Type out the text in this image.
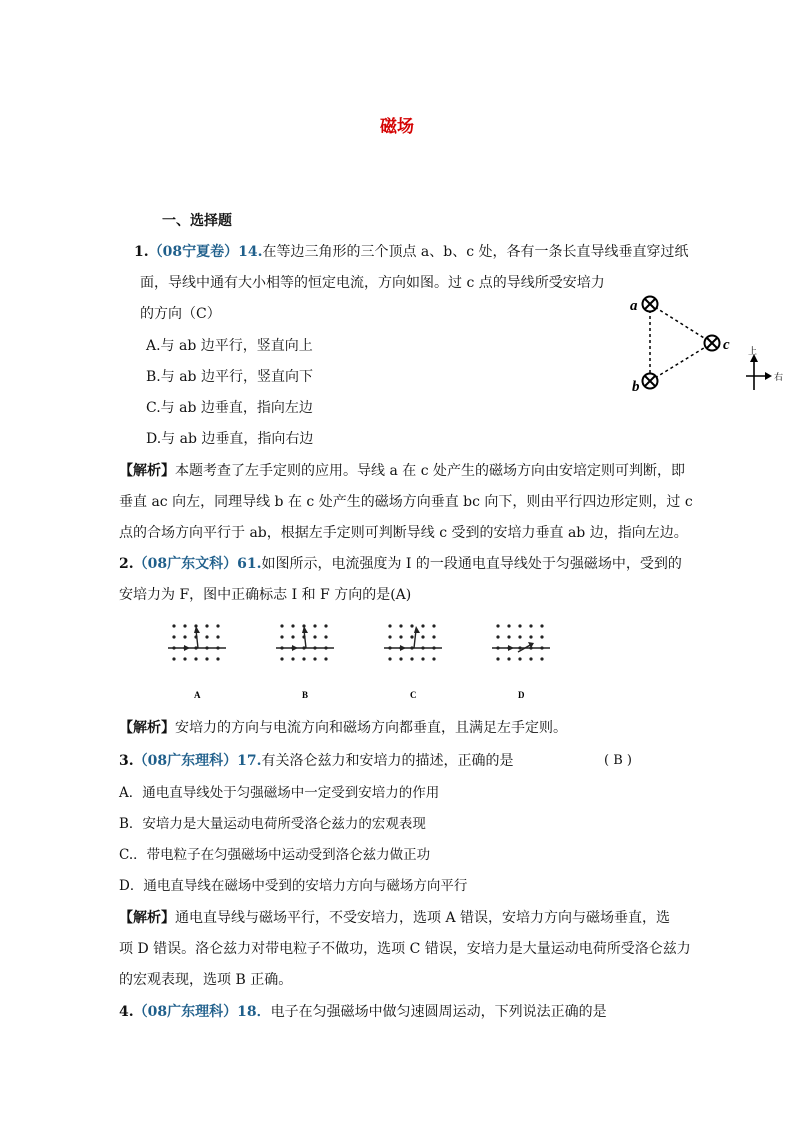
磁场
一、选择题
1.（08宁夏卷）14.在等边三角形的三个顶点 a、b、c 处，各有一条长直导线垂直穿过纸
面，导线中通有大小相等的恒定电流，方向如图。过 c 点的导线所受安培力
的方向（C）
A.与 ab 边平行，竖直向上
B.与 ab 边平行，竖直向下
C.与 ab 边垂直，指向左边
D.与 ab 边垂直，指向右边
a
b
c 上
右
【解析】本题考查了左手定则的应用。导线 a 在 c 处产生的磁场方向由安培定则可判断，即
垂直 ac 向左，同理导线 b 在 c 处产生的磁场方向垂直 bc 向下，则由平行四边形定则，过 c
点的合场方向平行于 ab，根据左手定则可判断导线 c 受到的安培力垂直 ab 边，指向左边。
2.（08广东文科）61.如图所示，电流强度为 I 的一段通电直导线处于匀强磁场中，受到的
安培力为 F，图中正确标志 I 和 F 方向的是(A)
A	B	C	D
【解析】安培力的方向与电流方向和磁场方向都垂直，且满足左手定则。
3.（08广东理科）17.有关洛仑兹力和安培力的描述，正确的是	( B )
A．通电直导线处于匀强磁场中一定受到安培力的作用
B．安培力是大量运动电荷所受洛仑兹力的宏观表现
C.．带电粒子在匀强磁场中运动受到洛仑兹力做正功
D．通电直导线在磁场中受到的安培力方向与磁场方向平行
【解析】通电直导线与磁场平行，不受安培力，选项 A 错误，安培力方向与磁场垂直，选
项 D 错误。洛仑兹力对带电粒子不做功，选项 C 错误，安培力是大量运动电荷所受洛仑兹力
的宏观表现，选项 B 正确。
4.（08广东理科）18．电子在匀强磁场中做匀速圆周运动，下列说法正确的是
